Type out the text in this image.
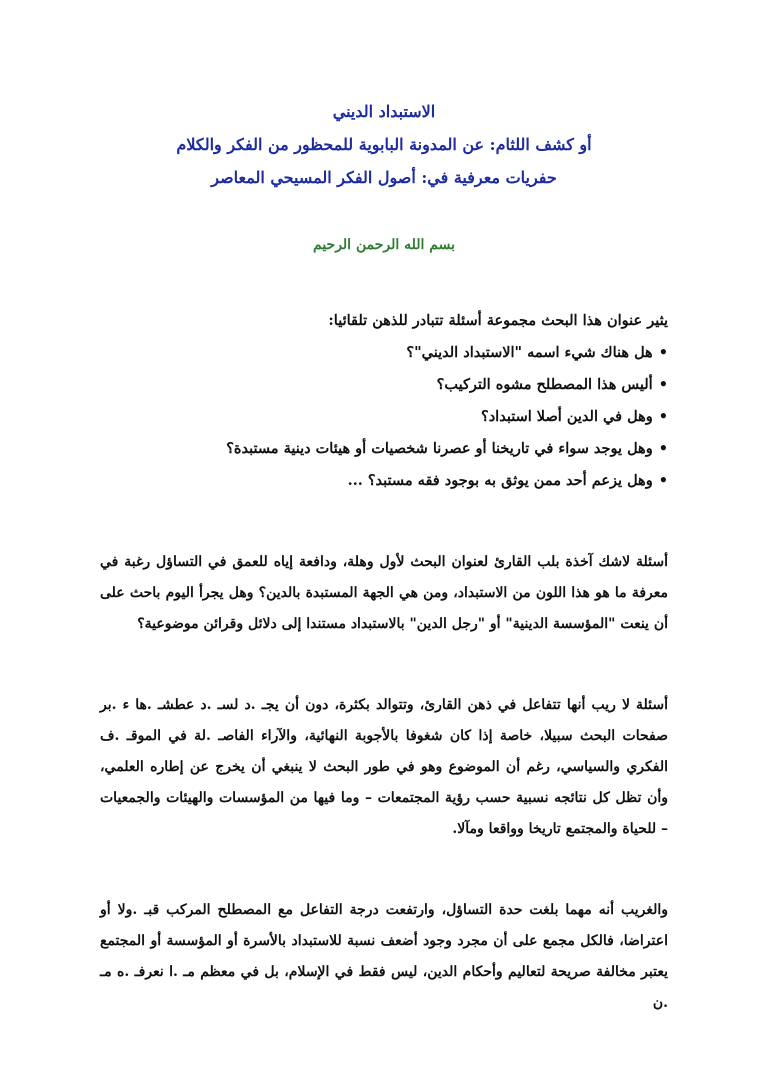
الاستبداد الديني
أو كشف اللثام: عن المدونة البابوية للمحظور من الفكر والكلام
حفريات معرفية في: أصول الفكر المسيحي المعاصر
بسم الله الرحمن الرحيم
يثير عنوان هذا البحث مجموعة أسئلة تتبادر للذهن تلقائيا:
• هل هناك شيء اسمه "الاستبداد الديني"؟
• أليس هذا المصطلح مشوه التركيب؟
• وهل في الدين أصلا استبداد؟
• وهل يوجد سواء في تاريخنا أو عصرنا شخصيات أو هيئات دينية مستبدة؟
• وهل يزعم أحد ممن يوثق به بوجود فقه مستبد؟ ...

أسئلة لاشك آخذة بلب القارئ لعنوان البحث لأول وهلة، ودافعة إياه للعمق في التساؤل رغبة في معرفة ما هو هذا اللون من الاستبداد، ومن هي الجهة المستبدة بالدين؟ وهل يجرأ اليوم باحث على أن ينعت "المؤسسة الدينية" أو "رجل الدين" بالاستبداد مستندا إلى دلائل وقرائن موضوعية؟

أسئلة لا ريب أنها تتفاعل في ذهن القارئ، وتتوالد بكثرة، دون أن يجـ .د لسـ .د عطشـ .ها ء .بر صفحات البحث سبيلا، خاصة إذا كان شغوفا بالأجوبة النهائية، والآراء الفاصـ .لة في الموقـ .ف الفكري والسياسي، رغم أن الموضوع وهو في طور البحث لا ينبغي أن يخرج عن إطاره العلمي، وأن تظل كل نتائجه نسبية حسب رؤية المجتمعات – وما فيها من المؤسسات والهيئات والجمعيات – للحياة والمجتمع تاريخا وواقعا ومآلا.

والغريب أنه مهما بلغت حدة التساؤل، وارتفعت درجة التفاعل مع المصطلح المركب قبـ .ولا أو اعتراضا، فالكل مجمع على أن مجرد وجود أضعف نسبة للاستبداد بالأسرة أو المؤسسة أو المجتمع يعتبر مخالفة صريحة لتعاليم وأحكام الدين، ليس فقط في الإسلام، بل في معظم مـ .ا نعرفـ .ه مـ .ن
